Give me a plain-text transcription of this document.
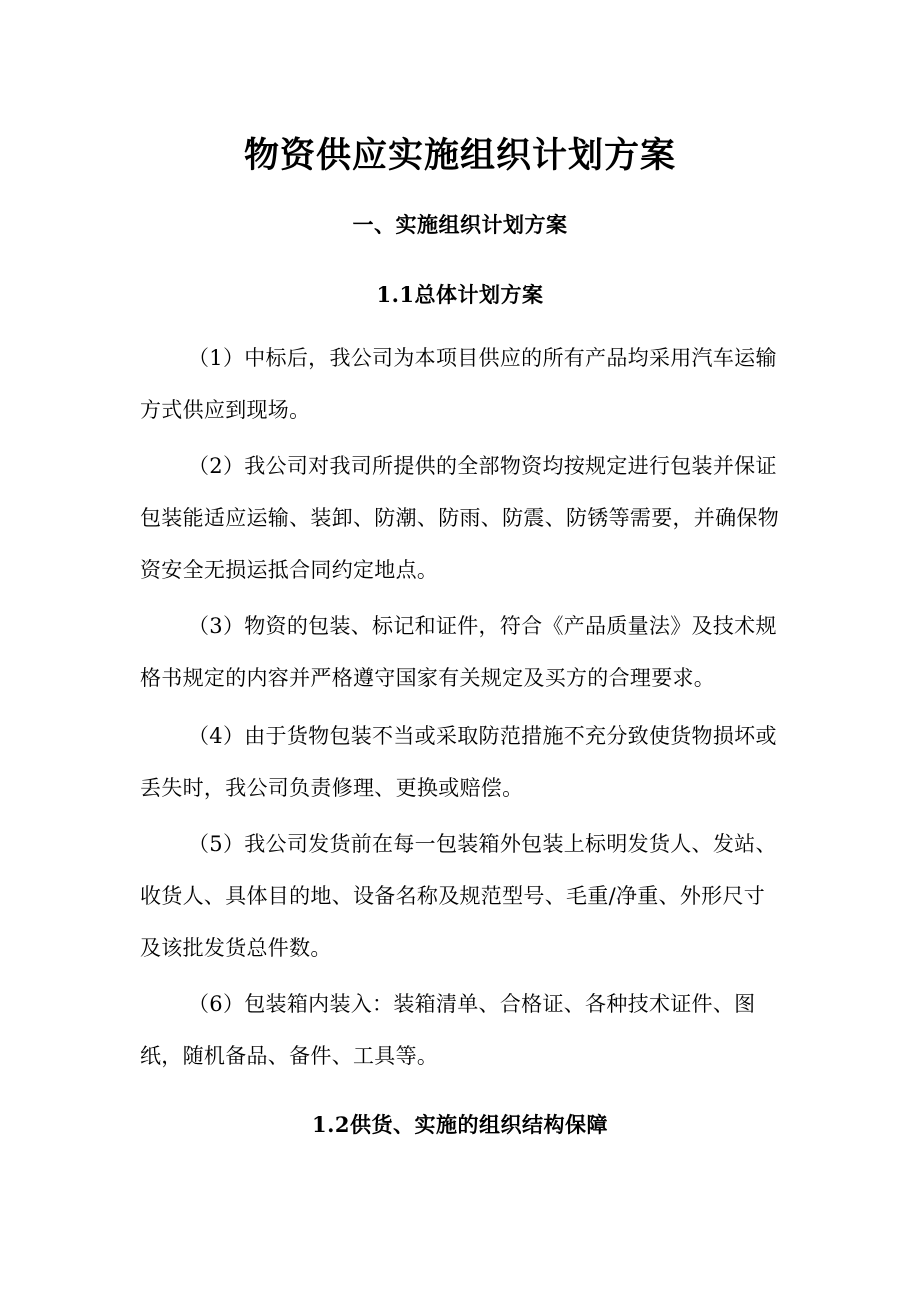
物资供应实施组织计划方案
一、实施组织计划方案
1.1总体计划方案

（1）中标后，我公司为本项目供应的所有产品均采用汽车运输方式供应到现场。

（2）我公司对我司所提供的全部物资均按规定进行包装并保证包装能适应运输、装卸、防潮、防雨、防震、防锈等需要，并确保物资安全无损运抵合同约定地点。

（3）物资的包装、标记和证件，符合《产品质量法》及技术规格书规定的内容并严格遵守国家有关规定及买方的合理要求。

（4）由于货物包装不当或采取防范措施不充分致使货物损坏或丢失时，我公司负责修理、更换或赔偿。

（5）我公司发货前在每一包装箱外包装上标明发货人、发站、收货人、具体目的地、设备名称及规范型号、毛重/净重、外形尺寸及该批发货总件数。

（6）包装箱内装入：装箱清单、合格证、各种技术证件、图纸，随机备品、备件、工具等。

1.2供货、实施的组织结构保障
